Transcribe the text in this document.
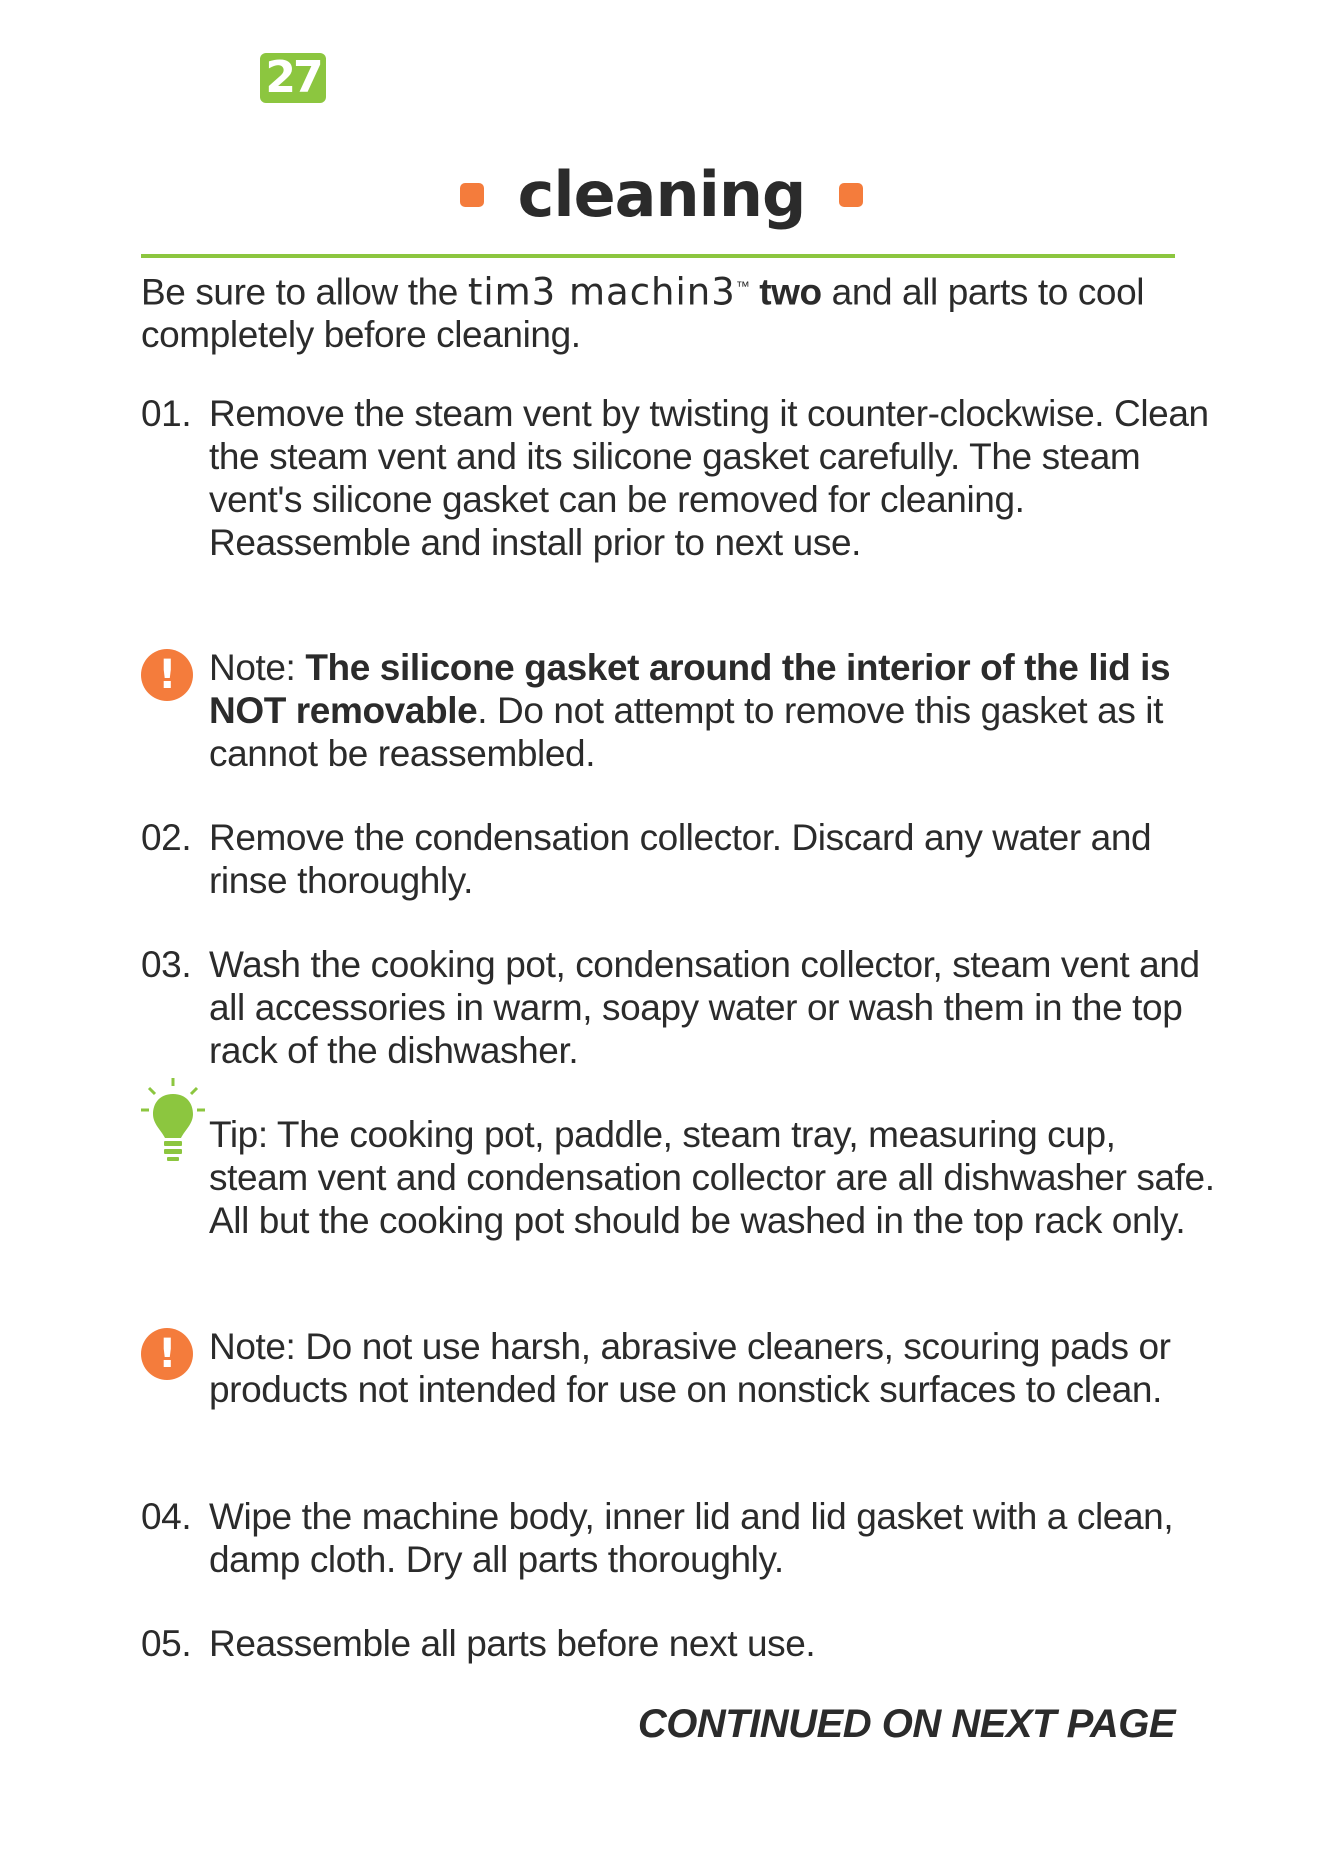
27
cleaning
Be sure to allow the tim3 machin3™ two and all parts to cool completely before cleaning.
01. Remove the steam vent by twisting it counter-clockwise. Clean the steam vent and its silicone gasket carefully. The steam vent's silicone gasket can be removed for cleaning. Reassemble and install prior to next use.
! Note: The silicone gasket around the interior of the lid is NOT removable. Do not attempt to remove this gasket as it cannot be reassembled.
02. Remove the condensation collector. Discard any water and rinse thoroughly.
03. Wash the cooking pot, condensation collector, steam vent and all accessories in warm, soapy water or wash them in the top rack of the dishwasher.
Tip: The cooking pot, paddle, steam tray, measuring cup, steam vent and condensation collector are all dishwasher safe. All but the cooking pot should be washed in the top rack only.
! Note: Do not use harsh, abrasive cleaners, scouring pads or products not intended for use on nonstick surfaces to clean.
04. Wipe the machine body, inner lid and lid gasket with a clean, damp cloth. Dry all parts thoroughly.
05. Reassemble all parts before next use.
CONTINUED ON NEXT PAGE
